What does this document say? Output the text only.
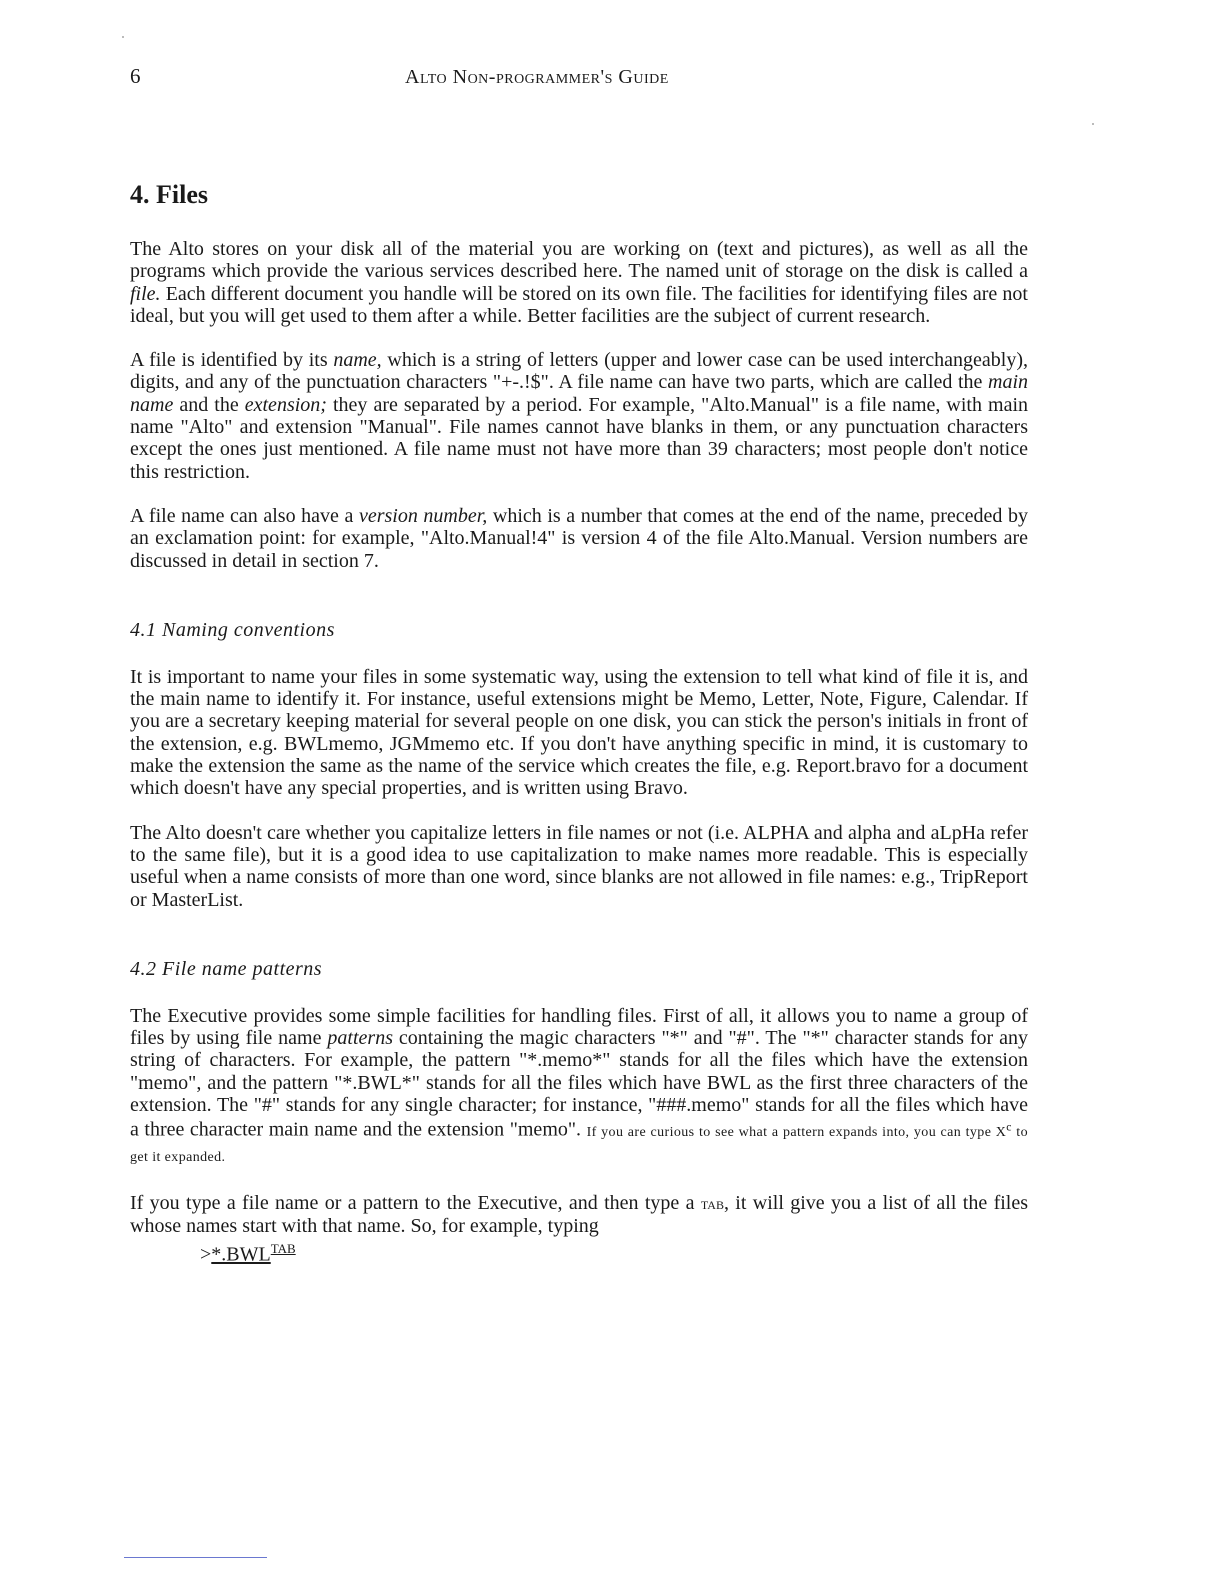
6	Alto Non-programmer's Guide
4. Files

The Alto stores on your disk all of the material you are working on (text and pictures), as well as all the programs which provide the various services described here. The named unit of storage on the disk is called a file. Each different document you handle will be stored on its own file. The facilities for identifying files are not ideal, but you will get used to them after a while. Better facilities are the subject of current research.

A file is identified by its name, which is a string of letters (upper and lower case can be used interchangeably), digits, and any of the punctuation characters "+-.!$". A file name can have two parts, which are called the main name and the extension; they are separated by a period. For example, "Alto.Manual" is a file name, with main name "Alto" and extension "Manual". File names cannot have blanks in them, or any punctuation characters except the ones just mentioned. A file name must not have more than 39 characters; most people don't notice this restriction.

A file name can also have a version number, which is a number that comes at the end of the name, preceded by an exclamation point: for example, "Alto.Manual!4" is version 4 of the file Alto.Manual. Version numbers are discussed in detail in section 7.

4.1 Naming conventions

It is important to name your files in some systematic way, using the extension to tell what kind of file it is, and the main name to identify it. For instance, useful extensions might be Memo, Letter, Note, Figure, Calendar. If you are a secretary keeping material for several people on one disk, you can stick the person's initials in front of the extension, e.g. BWLmemo, JGMmemo etc. If you don't have anything specific in mind, it is customary to make the extension the same as the name of the service which creates the file, e.g. Report.bravo for a document which doesn't have any special properties, and is written using Bravo.

The Alto doesn't care whether you capitalize letters in file names or not (i.e. ALPHA and alpha and aLpHa refer to the same file), but it is a good idea to use capitalization to make names more readable. This is especially useful when a name consists of more than one word, since blanks are not allowed in file names: e.g., TripReport or MasterList.

4.2 File name patterns

The Executive provides some simple facilities for handling files. First of all, it allows you to name a group of files by using file name patterns containing the magic characters "*" and "#". The "*" character stands for any string of characters. For example, the pattern "*.memo*" stands for all the files which have the extension "memo", and the pattern "*.BWL*" stands for all the files which have BWL as the first three characters of the extension. The "#" stands for any single character; for instance, "###.memo" stands for all the files which have a three character main name and the extension "memo". If you are curious to see what a pattern expands into, you can type $X^c$ to get it expanded.

If you type a file name or a pattern to the Executive, and then type a tab, it will give you a list of all the files whose names start with that name. So, for example, typing

$>*.BWL^{TAB}$
